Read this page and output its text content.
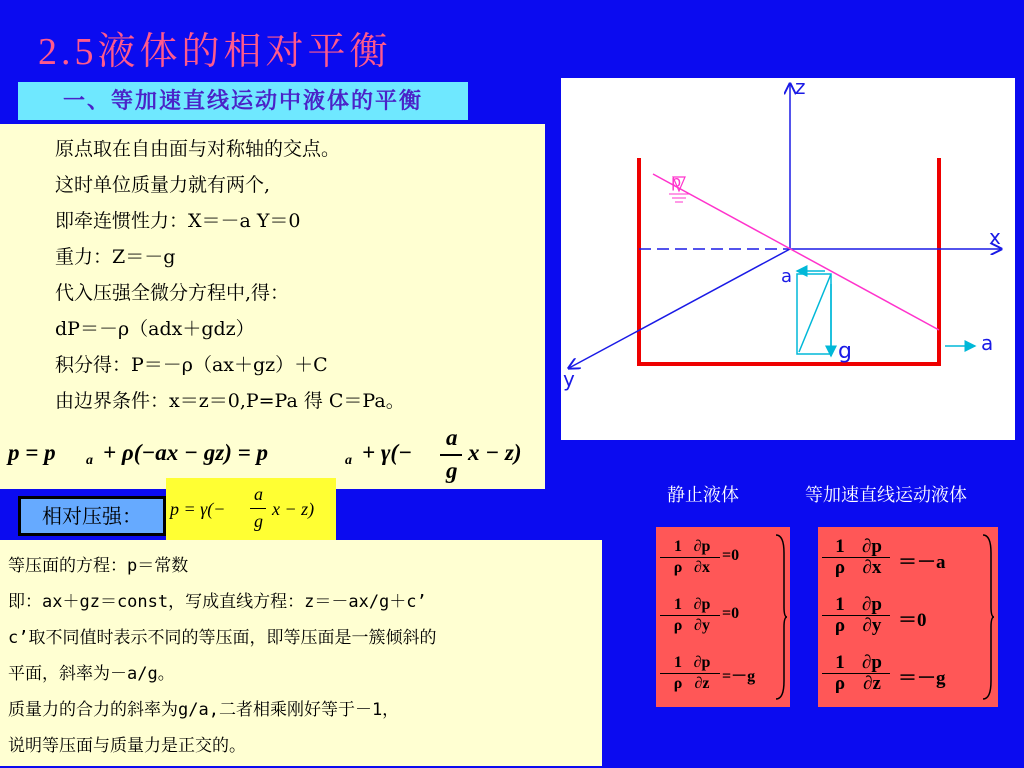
2.5液体的相对平衡
一、等加速直线运动中液体的平衡
原点取在自由面与对称轴的交点。
这时单位质量力就有两个,
即牵连惯性力：X＝－a Y＝0
重力：Z＝－g
代入压强全微分方程中,得：
dP＝－ρ（adx＋gdz）
积分得：P＝－ρ（ax＋gz）＋C
由边界条件：x＝z＝0,P=Pa 得 C＝Pa。
p = p a + ρ(−ax − gz) = p	a + γ(−
a
g
x − z)
相对压强：	p = γ(−
a
g
x − z)
等压面的方程：p＝常数
即：ax＋gz＝const，写成直线方程：z＝－ax/g＋c’
c’取不同值时表示不同的等压面，即等压面是一簇倾斜的
平面，斜率为－a/g。
质量力的合力的斜率为g/a,二者相乘刚好等于－1，
说明等压面与质量力是正交的。
p
a
g	a
z
x
y
静止液体	等加速直线运动液体
1
ρ
∂p
∂x
=0
1
ρ
∂p
∂y
=0
1
ρ
∂p
∂z =－g
1
ρ
∂p
∂x ＝－a
1
ρ
∂p
∂y ＝0
1
ρ
∂p
∂z ＝－g
